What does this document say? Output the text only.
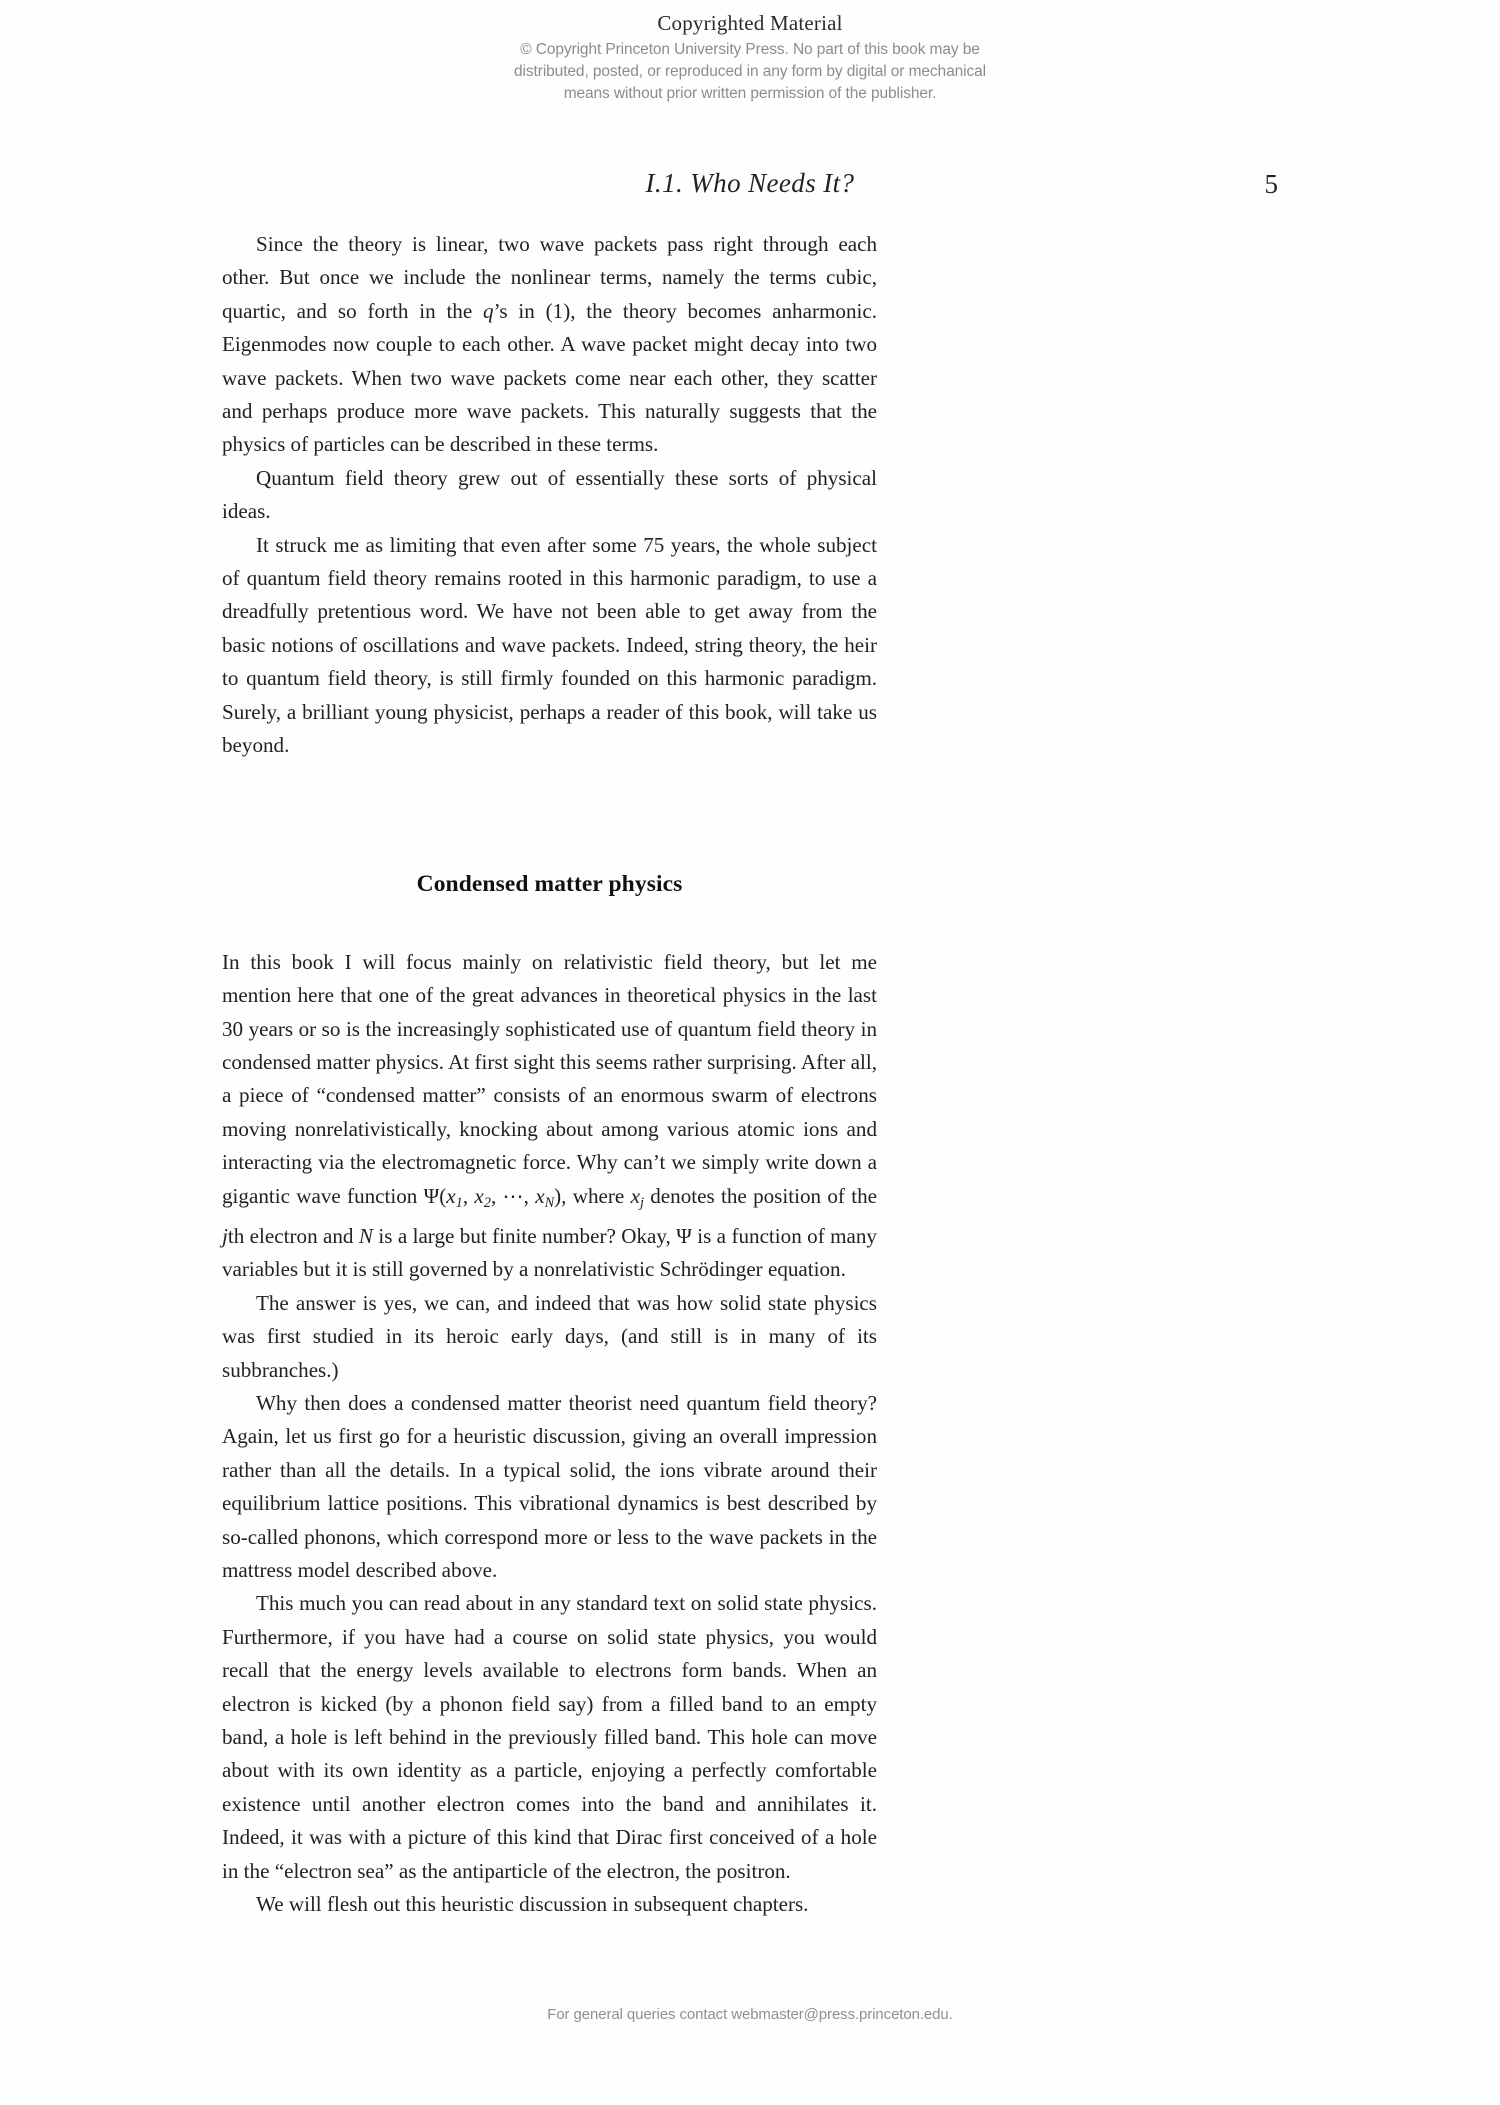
Copyrighted Material
© Copyright Princeton University Press. No part of this book may be
distributed, posted, or reproduced in any form by digital or mechanical
means without prior written permission of the publisher.
I.1. Who Needs It?	5

Since the theory is linear, two wave packets pass right through each other. But once we include the nonlinear terms, namely the terms cubic, quartic, and so forth in the q’s in (1), the theory becomes anharmonic. Eigenmodes now couple to each other. A wave packet might decay into two wave packets. When two wave packets come near each other, they scatter and perhaps produce more wave packets. This naturally suggests that the physics of particles can be described in these terms.

Quantum field theory grew out of essentially these sorts of physical ideas.

It struck me as limiting that even after some 75 years, the whole subject of quantum field theory remains rooted in this harmonic paradigm, to use a dreadfully pretentious word. We have not been able to get away from the basic notions of oscillations and wave packets. Indeed, string theory, the heir to quantum field theory, is still firmly founded on this harmonic paradigm. Surely, a brilliant young physicist, perhaps a reader of this book, will take us beyond.

Condensed matter physics

In this book I will focus mainly on relativistic field theory, but let me mention here that one of the great advances in theoretical physics in the last 30 years or so is the increasingly sophisticated use of quantum field theory in condensed matter physics. At first sight this seems rather surprising. After all, a piece of “condensed matter” consists of an enormous swarm of electrons moving nonrelativistically, knocking about among various atomic ions and interacting via the electromagnetic force. Why can’t we simply write down a gigantic wave function $\Psi(x_1$, $x_2$, ⋯, $x_N$), where $x_j$ denotes the position of the jth electron and N is a large but finite number? Okay, Ψ is a function of many variables but it is still governed by a nonrelativistic Schrödinger equation.

The answer is yes, we can, and indeed that was how solid state physics was first studied in its heroic early days, (and still is in many of its subbranches.)

Why then does a condensed matter theorist need quantum field theory? Again, let us first go for a heuristic discussion, giving an overall impression rather than all the details. In a typical solid, the ions vibrate around their equilibrium lattice positions. This vibrational dynamics is best described by so-called phonons, which correspond more or less to the wave packets in the mattress model described above.

This much you can read about in any standard text on solid state physics. Furthermore, if you have had a course on solid state physics, you would recall that the energy levels available to electrons form bands. When an electron is kicked (by a phonon field say) from a filled band to an empty band, a hole is left behind in the previously filled band. This hole can move about with its own identity as a particle, enjoying a perfectly comfortable existence until another electron comes into the band and annihilates it. Indeed, it was with a picture of this kind that Dirac first conceived of a hole in the “electron sea” as the antiparticle of the electron, the positron.

We will flesh out this heuristic discussion in subsequent chapters.

For general queries contact webmaster@press.princeton.edu.
